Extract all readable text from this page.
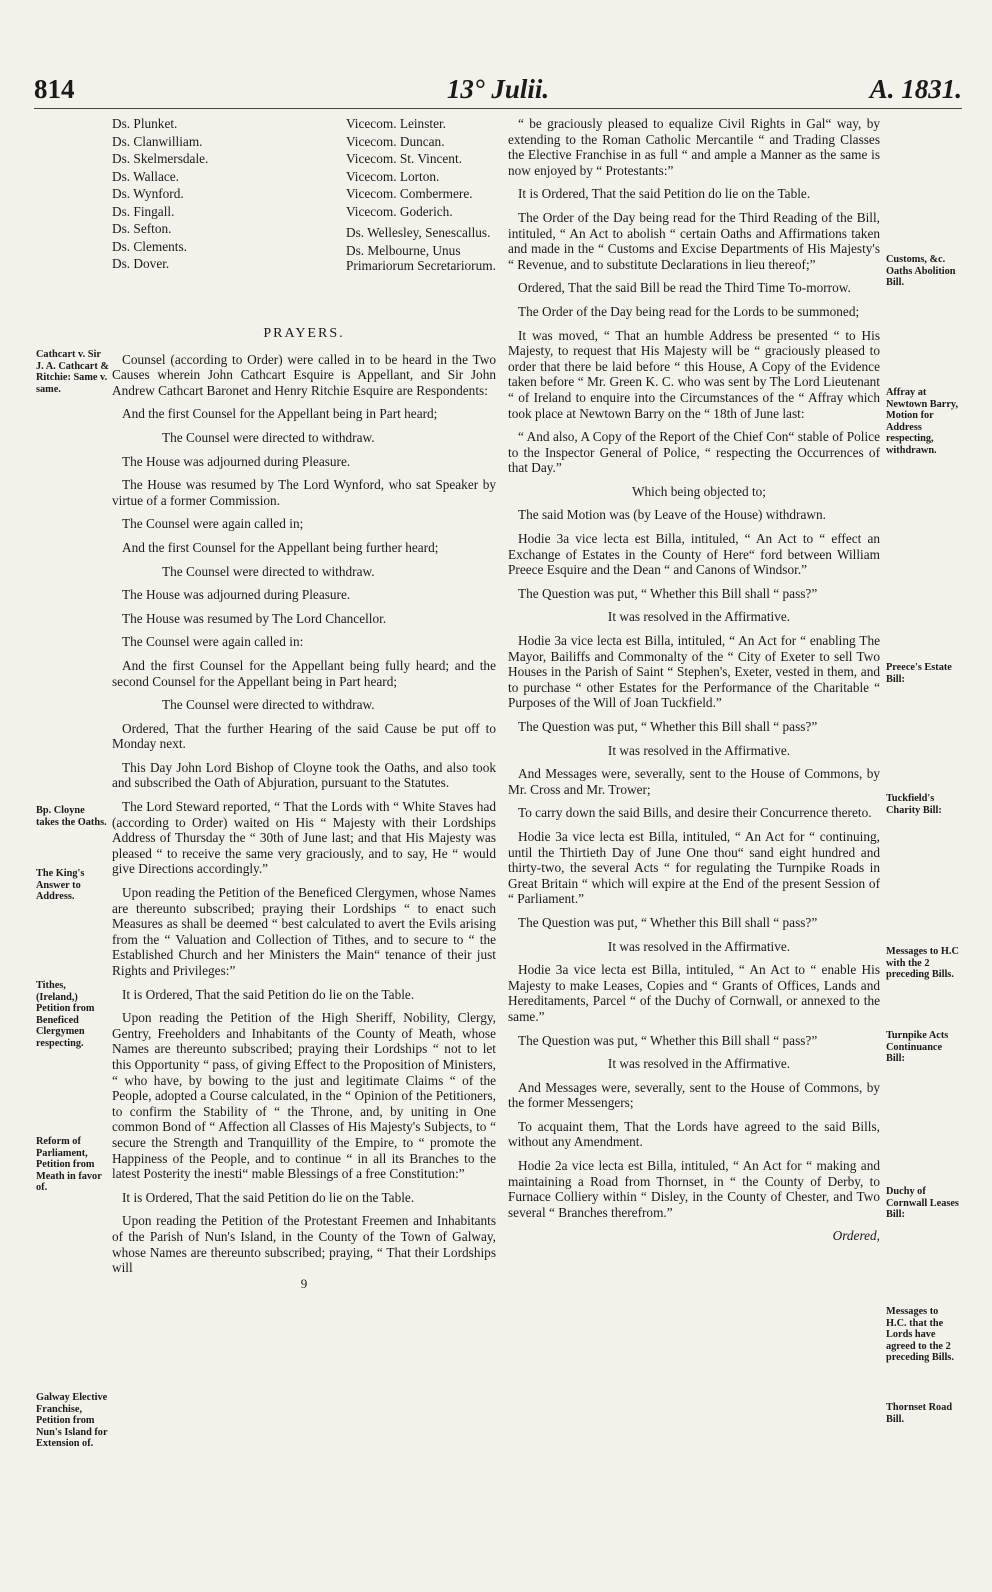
814	13° Julii.	A. 1831.
Cathcart v. Sir J. A. Cathcart & Ritchie: Same v. same.
Bp. Cloyne takes the Oaths.
The King's Answer to Address.
Tithes, (Ireland,) Petition from Beneficed Clergymen respecting.
Reform of Parliament, Petition from Meath in favor of.
Galway Elective Franchise, Petition from Nun's Island for Extension of.
Customs, &c. Oaths Abolition Bill.
Affray at Newtown Barry, Motion for Address respecting, withdrawn.
Preece's Estate Bill:
Tuckfield's Charity Bill:
Messages to H.C with the 2 preceding Bills.
Turnpike Acts Continuance Bill:
Duchy of Cornwall Leases Bill:
Messages to H.C. that the Lords have agreed to the 2 preceding Bills.
Thornset Road Bill.
Ds. Plunket.
Ds. Clanwilliam.
Ds. Skelmersdale.
Ds. Wallace.
Ds. Wynford.
Ds. Fingall.
Ds. Sefton.
Ds. Clements.
Ds. Dover.
Vicecom. Leinster.
Vicecom. Duncan.
Vicecom. St. Vincent.
Vicecom. Lorton.
Vicecom. Combermere.
Vicecom. Goderich.
Ds. Wellesley, Senescallus.
Ds. Melbourne, Unus Primariorum Secretariorum.
PRAYERS.

Counsel (according to Order) were called in to be heard in the Two Causes wherein John Cathcart Esquire is Appellant, and Sir John Andrew Cathcart Baronet and Henry Ritchie Esquire are Respondents:

And the first Counsel for the Appellant being in Part heard;

The Counsel were directed to withdraw.

The House was adjourned during Pleasure.

The House was resumed by The Lord Wynford, who sat Speaker by virtue of a former Commission.

The Counsel were again called in;

And the first Counsel for the Appellant being further heard;

The Counsel were directed to withdraw.

The House was adjourned during Pleasure.

The House was resumed by The Lord Chancellor.

The Counsel were again called in:

And the first Counsel for the Appellant being fully heard; and the second Counsel for the Appellant being in Part heard;

The Counsel were directed to withdraw.

Ordered, That the further Hearing of the said Cause be put off to Monday next.

This Day John Lord Bishop of Cloyne took the Oaths, and also took and subscribed the Oath of Abjuration, pursuant to the Statutes.

The Lord Steward reported, “ That the Lords with “ White Staves had (according to Order) waited on His “ Majesty with their Lordships Address of Thursday the “ 30th of June last; and that His Majesty was pleased “ to receive the same very graciously, and to say, He “ would give Directions accordingly.”

Upon reading the Petition of the Beneficed Clergymen, whose Names are thereunto subscribed; praying their Lordships “ to enact such Measures as shall be deemed “ best calculated to avert the Evils arising from the “ Valuation and Collection of Tithes, and to secure to “ the Established Church and her Ministers the Main“ tenance of their just Rights and Privileges:”

It is Ordered, That the said Petition do lie on the Table.

Upon reading the Petition of the High Sheriff, Nobility, Clergy, Gentry, Freeholders and Inhabitants of the County of Meath, whose Names are thereunto subscribed; praying their Lordships “ not to let this Opportunity “ pass, of giving Effect to the Proposition of Ministers, “ who have, by bowing to the just and legitimate Claims “ of the People, adopted a Course calculated, in the “ Opinion of the Petitioners, to confirm the Stability of “ the Throne, and, by uniting in One common Bond of “ Affection all Classes of His Majesty's Subjects, to “ secure the Strength and Tranquillity of the Empire, to “ promote the Happiness of the People, and to continue “ in all its Branches to the latest Posterity the inesti“ mable Blessings of a free Constitution:”

It is Ordered, That the said Petition do lie on the Table.

Upon reading the Petition of the Protestant Freemen and Inhabitants of the Parish of Nun's Island, in the County of the Town of Galway, whose Names are thereunto subscribed; praying, “ That their Lordships will

9

“ be graciously pleased to equalize Civil Rights in Gal“ way, by extending to the Roman Catholic Mercantile “ and Trading Classes the Elective Franchise in as full “ and ample a Manner as the same is now enjoyed by “ Protestants:”

It is Ordered, That the said Petition do lie on the Table.

The Order of the Day being read for the Third Reading of the Bill, intituled, “ An Act to abolish “ certain Oaths and Affirmations taken and made in the “ Customs and Excise Departments of His Majesty's “ Revenue, and to substitute Declarations in lieu thereof;”

Ordered, That the said Bill be read the Third Time To-morrow.

The Order of the Day being read for the Lords to be summoned;

It was moved, “ That an humble Address be presented “ to His Majesty, to request that His Majesty will be “ graciously pleased to order that there be laid before “ this House, A Copy of the Evidence taken before “ Mr. Green K. C. who was sent by The Lord Lieutenant “ of Ireland to enquire into the Circumstances of the “ Affray which took place at Newtown Barry on the “ 18th of June last:

“ And also, A Copy of the Report of the Chief Con“ stable of Police to the Inspector General of Police, “ respecting the Occurrences of that Day.”

Which being objected to;

The said Motion was (by Leave of the House) withdrawn.

Hodie 3a vice lecta est Billa, intituled, “ An Act to “ effect an Exchange of Estates in the County of Here“ ford between William Preece Esquire and the Dean “ and Canons of Windsor.”

The Question was put, “ Whether this Bill shall “ pass?”

It was resolved in the Affirmative.

Hodie 3a vice lecta est Billa, intituled, “ An Act for “ enabling The Mayor, Bailiffs and Commonalty of the “ City of Exeter to sell Two Houses in the Parish of Saint “ Stephen's, Exeter, vested in them, and to purchase “ other Estates for the Performance of the Charitable “ Purposes of the Will of Joan Tuckfield.”

The Question was put, “ Whether this Bill shall “ pass?”

It was resolved in the Affirmative.

And Messages were, severally, sent to the House of Commons, by Mr. Cross and Mr. Trower;

To carry down the said Bills, and desire their Concurrence thereto.

Hodie 3a vice lecta est Billa, intituled, “ An Act for “ continuing, until the Thirtieth Day of June One thou“ sand eight hundred and thirty-two, the several Acts “ for regulating the Turnpike Roads in Great Britain “ which will expire at the End of the present Session of “ Parliament.”

The Question was put, “ Whether this Bill shall “ pass?”

It was resolved in the Affirmative.

Hodie 3a vice lecta est Billa, intituled, “ An Act to “ enable His Majesty to make Leases, Copies and “ Grants of Offices, Lands and Hereditaments, Parcel “ of the Duchy of Cornwall, or annexed to the same.”

The Question was put, “ Whether this Bill shall “ pass?”

It was resolved in the Affirmative.

And Messages were, severally, sent to the House of Commons, by the former Messengers;

To acquaint them, That the Lords have agreed to the said Bills, without any Amendment.

Hodie 2a vice lecta est Billa, intituled, “ An Act for “ making and maintaining a Road from Thornset, in “ the County of Derby, to Furnace Colliery within “ Disley, in the County of Chester, and Two several “ Branches therefrom.”

Ordered,
